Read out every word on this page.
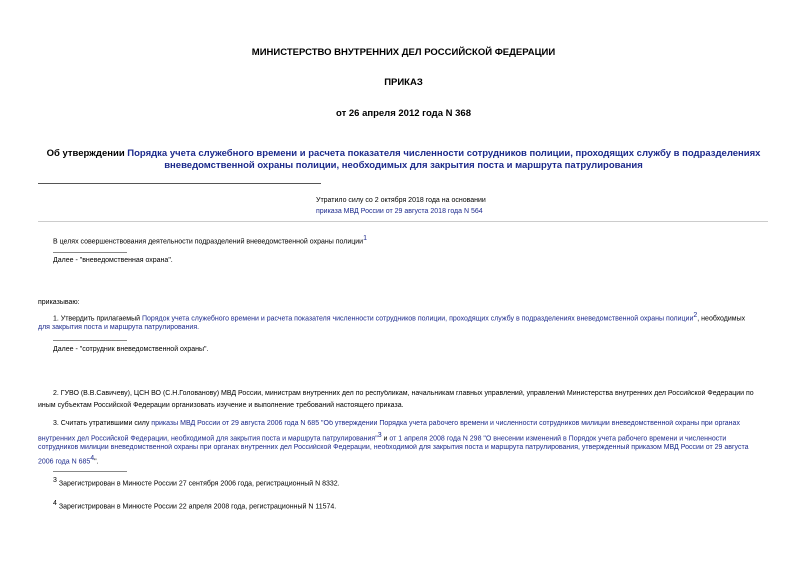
МИНИСТЕРСТВО ВНУТРЕННИХ ДЕЛ РОССИЙСКОЙ ФЕДЕРАЦИИ
ПРИКАЗ
от 26 апреля 2012 года N 368
Об утверждении Порядка учета служебного времени и расчета показателя численности сотрудников полиции, проходящих службу в подразделениях
вневедомственной охраны полиции, необходимых для закрытия поста и маршрута патрулирования
Утратило силу со 2 октября 2018 года на основании
приказа МВД России от 29 августа 2018 года N 564
В целях совершенствования деятельности подразделений вневедомственной охраны полиции$^1$
Далее - "вневедомственная охрана".
приказываю:
1. Утвердить прилагаемый Порядок учета служебного времени и расчета показателя численности сотрудников полиции, проходящих службу в подразделениях вневедомственной охраны полиции$^2$, необходимых
для закрытия поста и маршрута патрулирования.
Далее - "сотрудник вневедомственной охраны".
2. ГУВО (В.В.Савичеву), ЦСН ВО (С.Н.Голованову) МВД России, министрам внутренних дел по республикам, начальникам главных управлений, управлений Министерства внутренних дел Российской Федерации по
иным субъектам Российской Федерации организовать изучение и выполнение требований настоящего приказа.
3. Считать утратившими силу приказы МВД России от 29 августа 2006 года N 685 "Об утверждении Порядка учета рабочего времени и численности сотрудников милиции вневедомственной охраны при органах
внутренних дел Российской Федерации, необходимой для закрытия поста и маршрута патрулирования"$^3$ и от 1 апреля 2008 года N 298 "О внесении изменений в Порядок учета рабочего времени и численности
сотрудников милиции вневедомственной охраны при органах внутренних дел Российской Федерации, необходимой для закрытия поста и маршрута патрулирования, утвержденный приказом МВД России от 29 августа
2006 года N $685^4$".
$^3$ Зарегистрирован в Минюсте России 27 сентября 2006 года, регистрационный N 8332.
$^4$ Зарегистрирован в Минюсте России 22 апреля 2008 года, регистрационный N 11574.
